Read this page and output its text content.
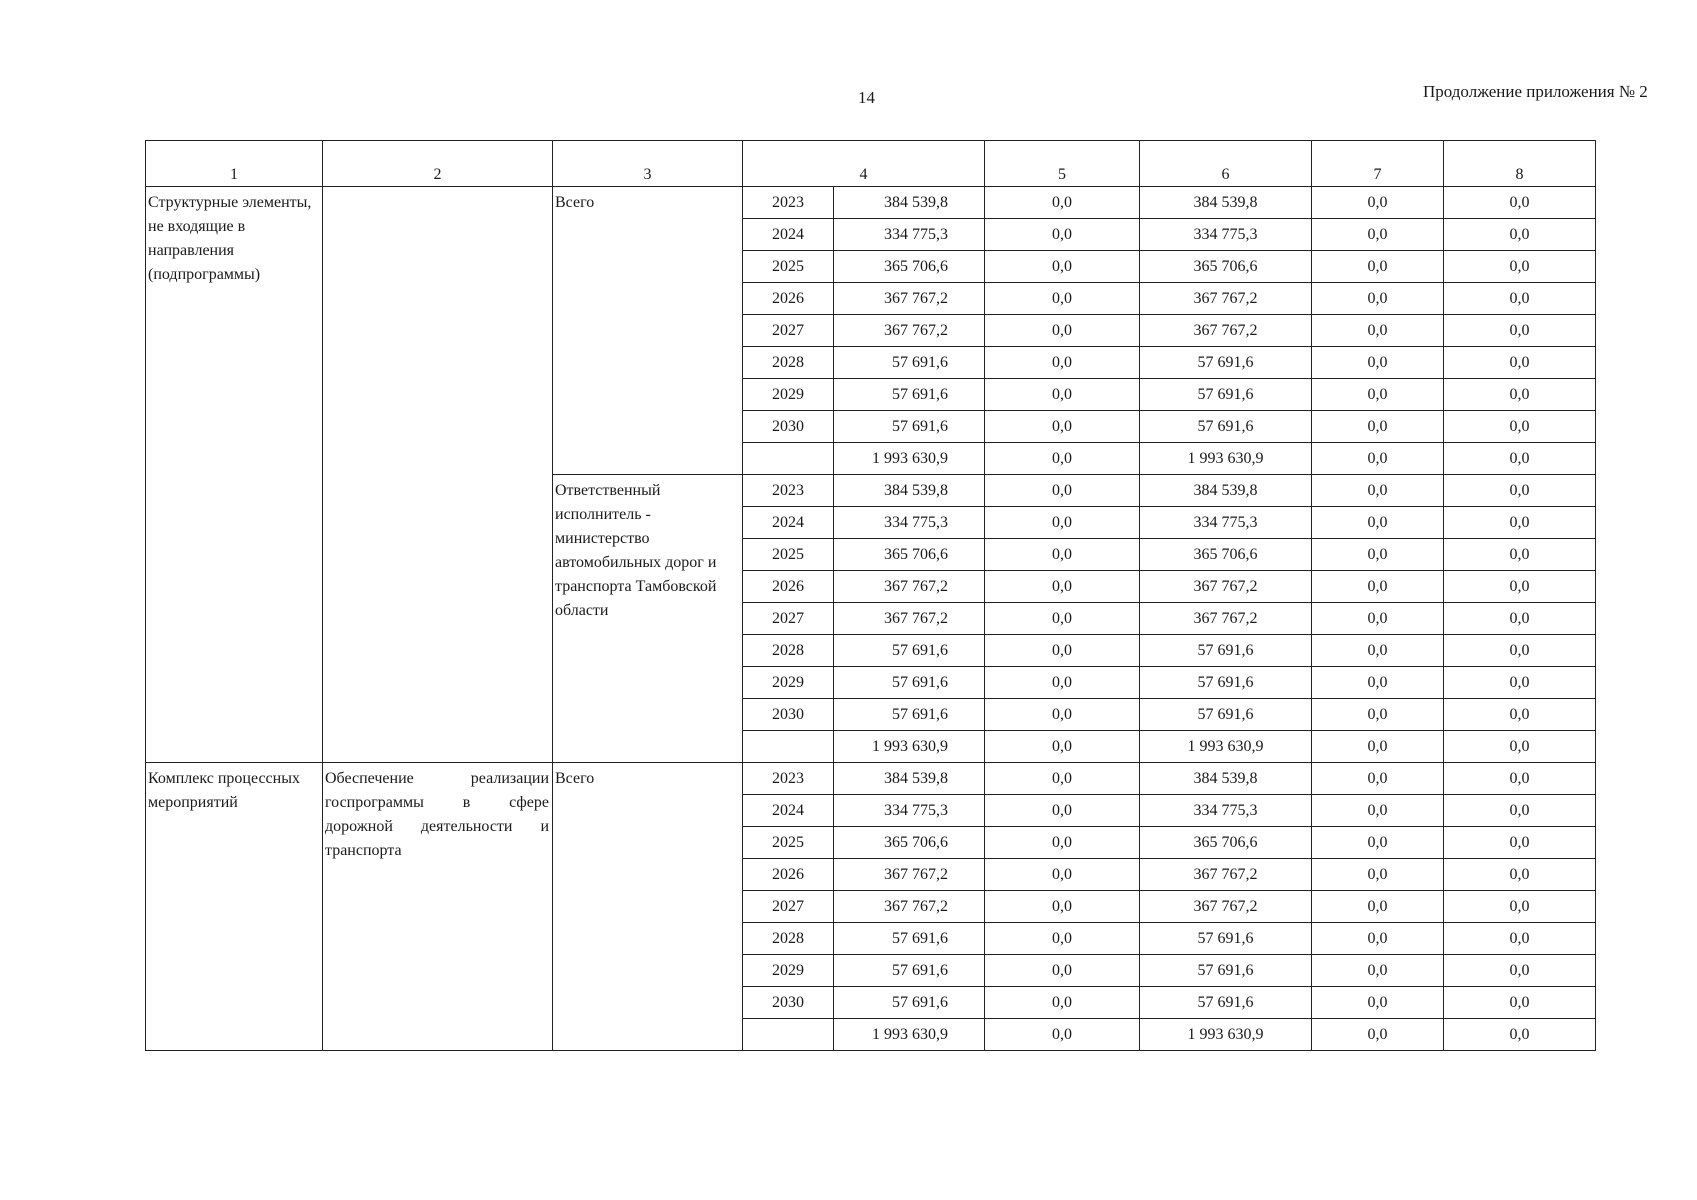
14	Продолжение приложения № 2
1	2	3	4		5	6	7	8
Структурные элементы, не входящие в направления (подпрограммы)		Всего	2023	384 539,8	0,0	384 539,8	0,0	0,0
			2024	334 775,3	0,0	334 775,3	0,0	0,0
			2025	365 706,6	0,0	365 706,6	0,0	0,0
			2026	367 767,2	0,0	367 767,2	0,0	0,0
			2027	367 767,2	0,0	367 767,2	0,0	0,0
			2028	57 691,6	0,0	57 691,6	0,0	0,0
			2029	57 691,6	0,0	57 691,6	0,0	0,0
			2030	57 691,6	0,0	57 691,6	0,0	0,0
				1 993 630,9	0,0	1 993 630,9	0,0	0,0
		Ответственный исполнитель - министерство автомобильных дорог и транспорта Тамбовской области	2023	384 539,8	0,0	384 539,8	0,0	0,0
			2024	334 775,3	0,0	334 775,3	0,0	0,0
			2025	365 706,6	0,0	365 706,6	0,0	0,0
			2026	367 767,2	0,0	367 767,2	0,0	0,0
			2027	367 767,2	0,0	367 767,2	0,0	0,0
			2028	57 691,6	0,0	57 691,6	0,0	0,0
			2029	57 691,6	0,0	57 691,6	0,0	0,0
			2030	57 691,6	0,0	57 691,6	0,0	0,0
				1 993 630,9	0,0	1 993 630,9	0,0	0,0
Комплекс процессных мероприятий	Обеспечение реализации госпрограммы в сфере дорожной деятельности и транспорта	Всего	2023	384 539,8	0,0	384 539,8	0,0	0,0
			2024	334 775,3	0,0	334 775,3	0,0	0,0
			2025	365 706,6	0,0	365 706,6	0,0	0,0
			2026	367 767,2	0,0	367 767,2	0,0	0,0
			2027	367 767,2	0,0	367 767,2	0,0	0,0
			2028	57 691,6	0,0	57 691,6	0,0	0,0
			2029	57 691,6	0,0	57 691,6	0,0	0,0
			2030	57 691,6	0,0	57 691,6	0,0	0,0
				1 993 630,9	0,0	1 993 630,9	0,0	0,0
